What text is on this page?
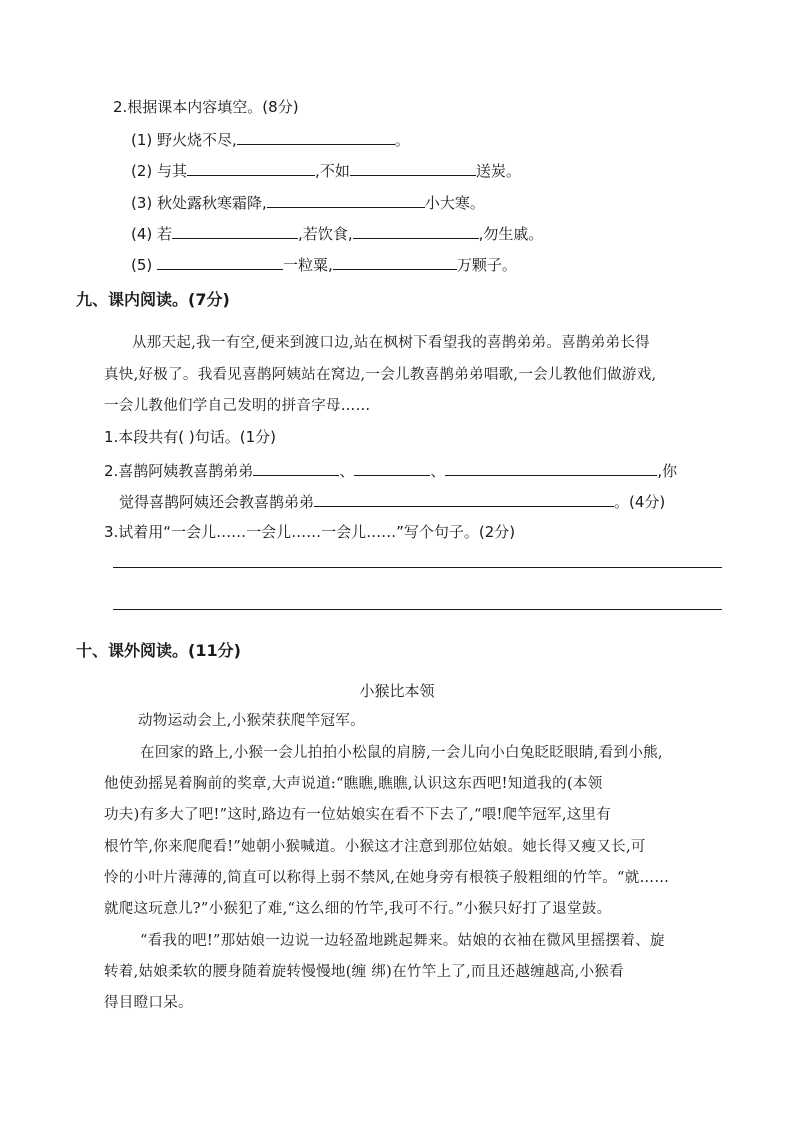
2.根据课本内容填空。(8分)
(1) 野火烧不尽,	。
(2) 与其	,不如	送炭。
(3) 秋处露秋寒霜降,	小大寒。
(4) 若	,若饮食,	,勿生戚。
(5)	一粒粟,	万颗子。
九、课内阅读。(7分)
从那天起,我一有空,便来到渡口边,站在枫树下看望我的喜鹊弟弟。喜鹊弟弟长得
真快,好极了。我看见喜鹊阿姨站在窝边,一会儿教喜鹊弟弟唱歌,一会儿教他们做游戏,
一会儿教他们学自己发明的拼音字母……
1.本段共有( )句话。(1分)
2.喜鹊阿姨教喜鹊弟弟	、	、	,你
觉得喜鹊阿姨还会教喜鹊弟弟	。(4分)
3.试着用“一会儿……一会儿……一会儿……”写个句子。(2分)
十、课外阅读。(11分)
小猴比本领
动物运动会上,小猴荣获爬竿冠军。
在回家的路上,小猴一会儿拍拍小松鼠的肩膀,一会儿向小白兔眨眨眼睛,看到小熊,
他使劲摇晃着胸前的奖章,大声说道:“瞧瞧,瞧瞧,认识这东西吧!知道我的(本领
功夫)有多大了吧!”这时,路边有一位姑娘实在看不下去了,“喂!爬竿冠军,这里有
根竹竿,你来爬爬看!”她朝小猴喊道。小猴这才注意到那位姑娘。她长得又瘦又长,可
怜的小叶片薄薄的,简直可以称得上弱不禁风,在她身旁有根筷子般粗细的竹竿。“就……
就爬这玩意儿?”小猴犯了难,“这么细的竹竿,我可不行。”小猴只好打了退堂鼓。
“看我的吧!”那姑娘一边说一边轻盈地跳起舞来。姑娘的衣袖在微风里摇摆着、旋
转着,姑娘柔软的腰身随着旋转慢慢地(缠 绑)在竹竿上了,而且还越缠越高,小猴看
得目瞪口呆。
